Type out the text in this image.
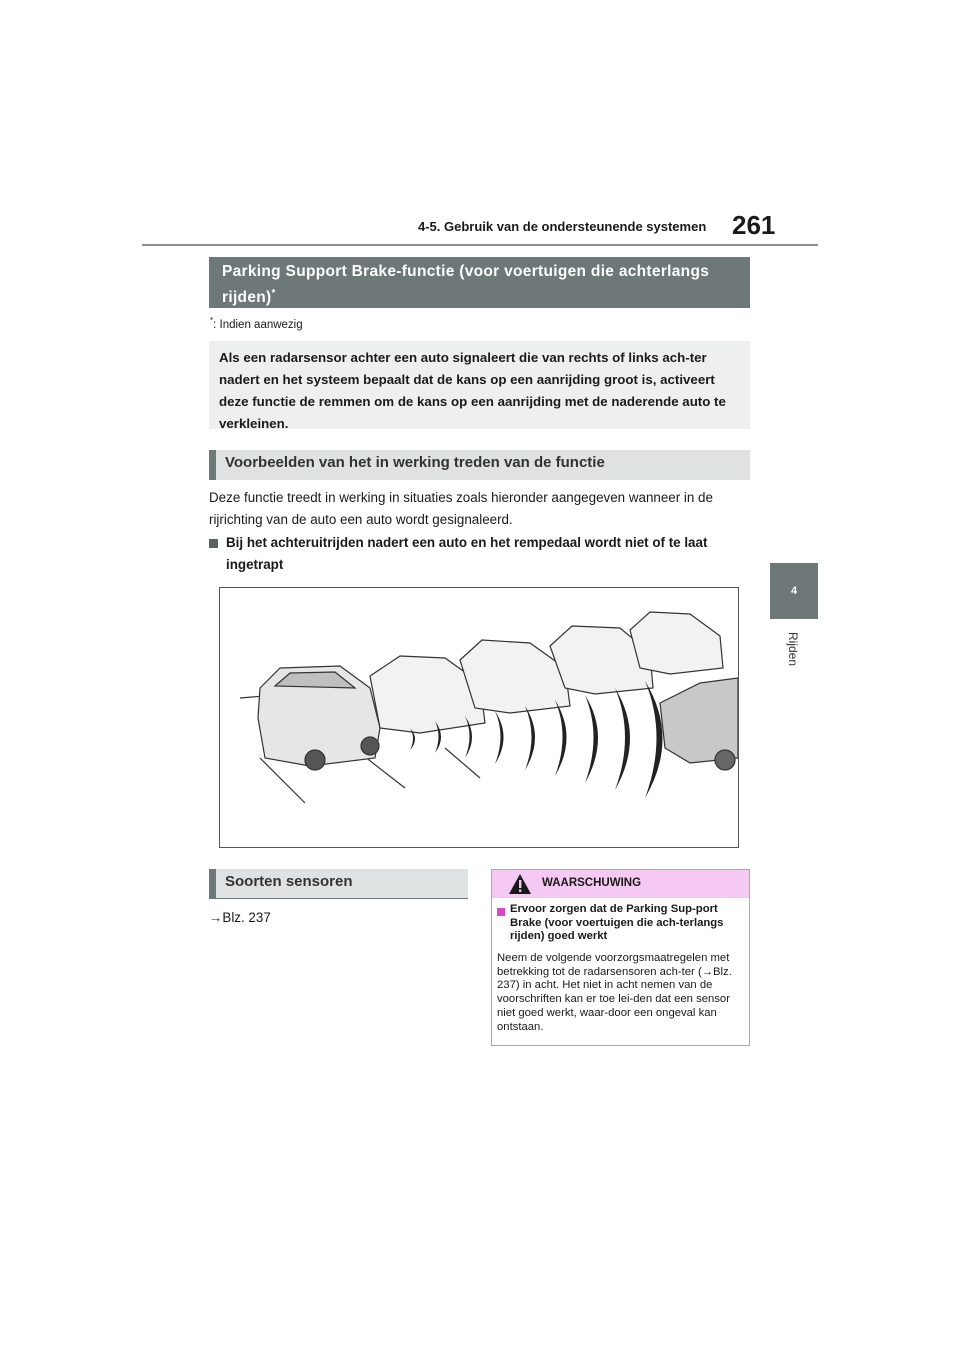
4-5. Gebruik van de ondersteunende systemen 261
4
Rijden
Parking Support Brake-functie (voor voertuigen die achterlangs rijden)*
*: Indien aanwezig
Als een radarsensor achter een auto signaleert die van rechts of links ach-ter nadert en het systeem bepaalt dat de kans op een aanrijding groot is, activeert deze functie de remmen om de kans op een aanrijding met de naderende auto te verkleinen.
Voorbeelden van het in werking treden van de functie
Deze functie treedt in werking in situaties zoals hieronder aangegeven wanneer in de rijrichting van de auto een auto wordt gesignaleerd.
Bij het achteruitrijden nadert een auto en het rempedaal wordt niet of te laat ingetrapt
Soorten sensoren
→Blz. 237
WAARSCHUWING
Ervoor zorgen dat de Parking Sup-port Brake (voor voertuigen die ach-terlangs rijden) goed werkt
Neem de volgende voorzorgsmaatregelen met betrekking tot de radarsensoren ach-ter (→Blz. 237) in acht. Het niet in acht nemen van de voorschriften kan er toe lei-den dat een sensor niet goed werkt, waar-door een ongeval kan ontstaan.
